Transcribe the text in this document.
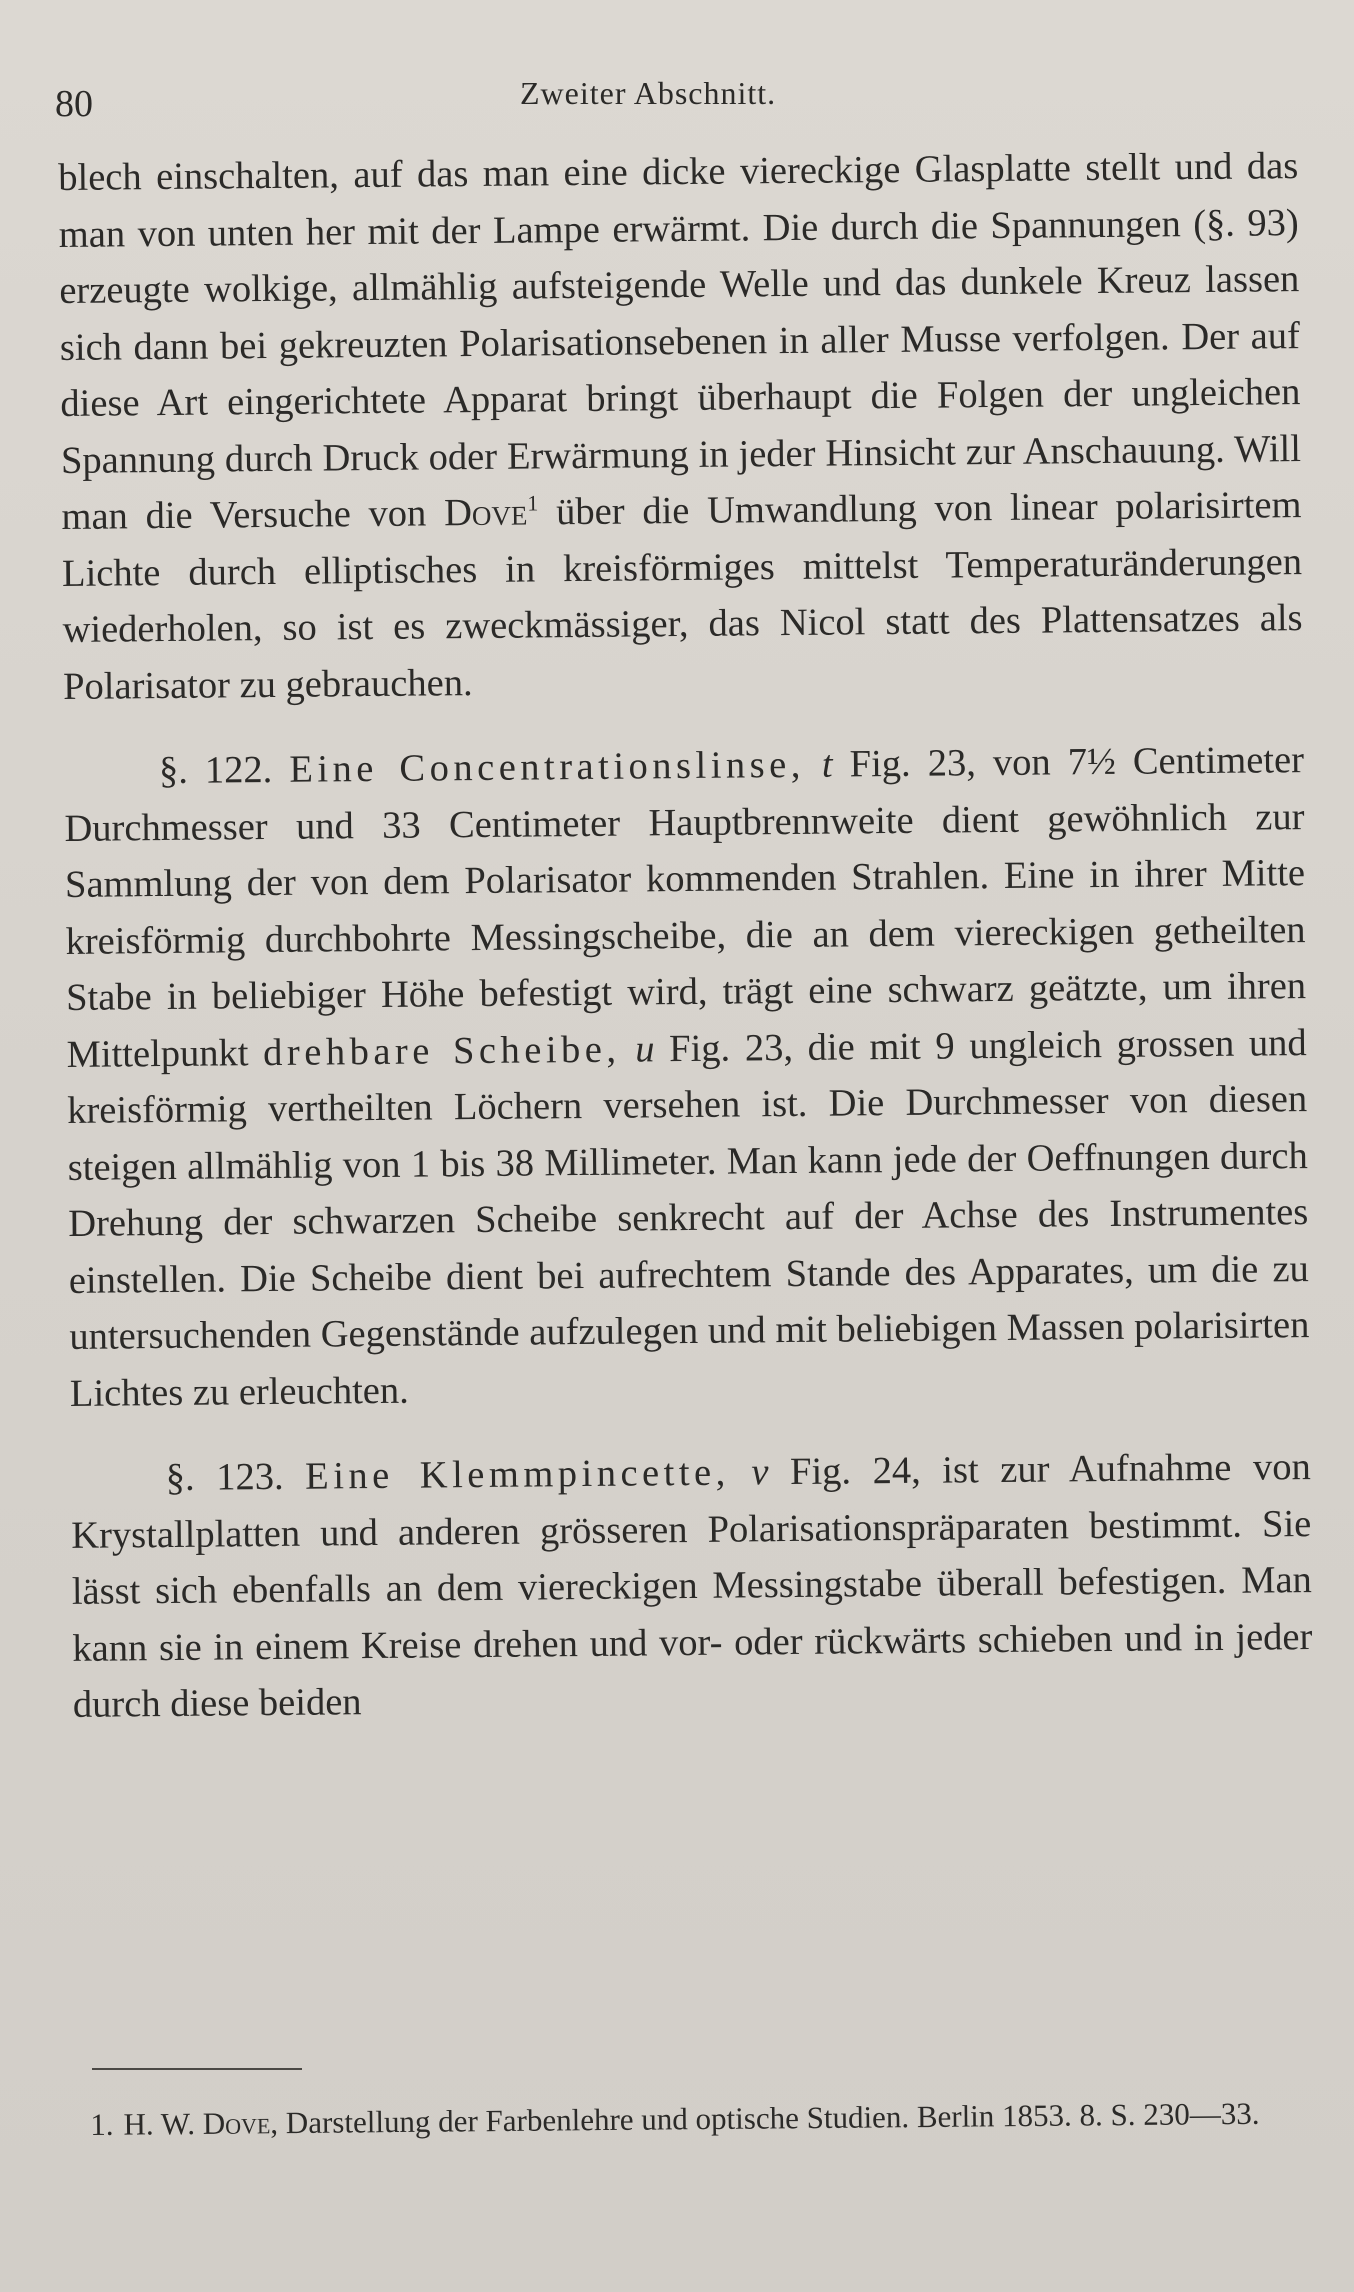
80	Zweiter Abschnitt.

blech einschalten, auf das man eine dicke viereckige Glasplatte stellt und das man von unten her mit der Lampe erwärmt. Die durch die Spannungen (§. 93) erzeugte wolkige, allmählig aufsteigende Welle und das dunkele Kreuz lassen sich dann bei gekreuzten Polarisationsebenen in aller Musse verfolgen. Der auf diese Art eingerichtete Apparat bringt überhaupt die Folgen der ungleichen Spannung durch Druck oder Erwärmung in jeder Hinsicht zur Anschauung. Will man die Versuche von Dove$^1$ über die Umwandlung von linear polarisirtem Lichte durch elliptisches in kreisförmiges mittelst Temperaturänderungen wiederholen, so ist es zweckmässiger, das Nicol statt des Plattensatzes als Polarisator zu gebrauchen.

§. 122. Eine Concentrationslinse, t Fig. 23, von 7½ Centimeter Durchmesser und 33 Centimeter Hauptbrennweite dient gewöhnlich zur Sammlung der von dem Polarisator kommenden Strahlen. Eine in ihrer Mitte kreisförmig durchbohrte Messingscheibe, die an dem viereckigen getheilten Stabe in beliebiger Höhe befestigt wird, trägt eine schwarz geätzte, um ihren Mittelpunkt drehbare Scheibe, u Fig. 23, die mit 9 ungleich grossen und kreisförmig vertheilten Löchern versehen ist. Die Durchmesser von diesen steigen allmählig von 1 bis 38 Millimeter. Man kann jede der Oeffnungen durch Drehung der schwarzen Scheibe senkrecht auf der Achse des Instrumentes einstellen. Die Scheibe dient bei aufrechtem Stande des Apparates, um die zu untersuchenden Gegenstände aufzulegen und mit beliebigen Massen polarisirten Lichtes zu erleuchten.

§. 123. Eine Klemmpincette, v Fig. 24, ist zur Aufnahme von Krystallplatten und anderen grösseren Polarisationspräparaten bestimmt. Sie lässt sich ebenfalls an dem viereckigen Messingstabe überall befestigen. Man kann sie in einem Kreise drehen und vor- oder rückwärts schieben und in jeder durch diese beiden

1. H. W. Dove, Darstellung der Farbenlehre und optische Studien. Berlin 1853. 8. S. 230—33.
